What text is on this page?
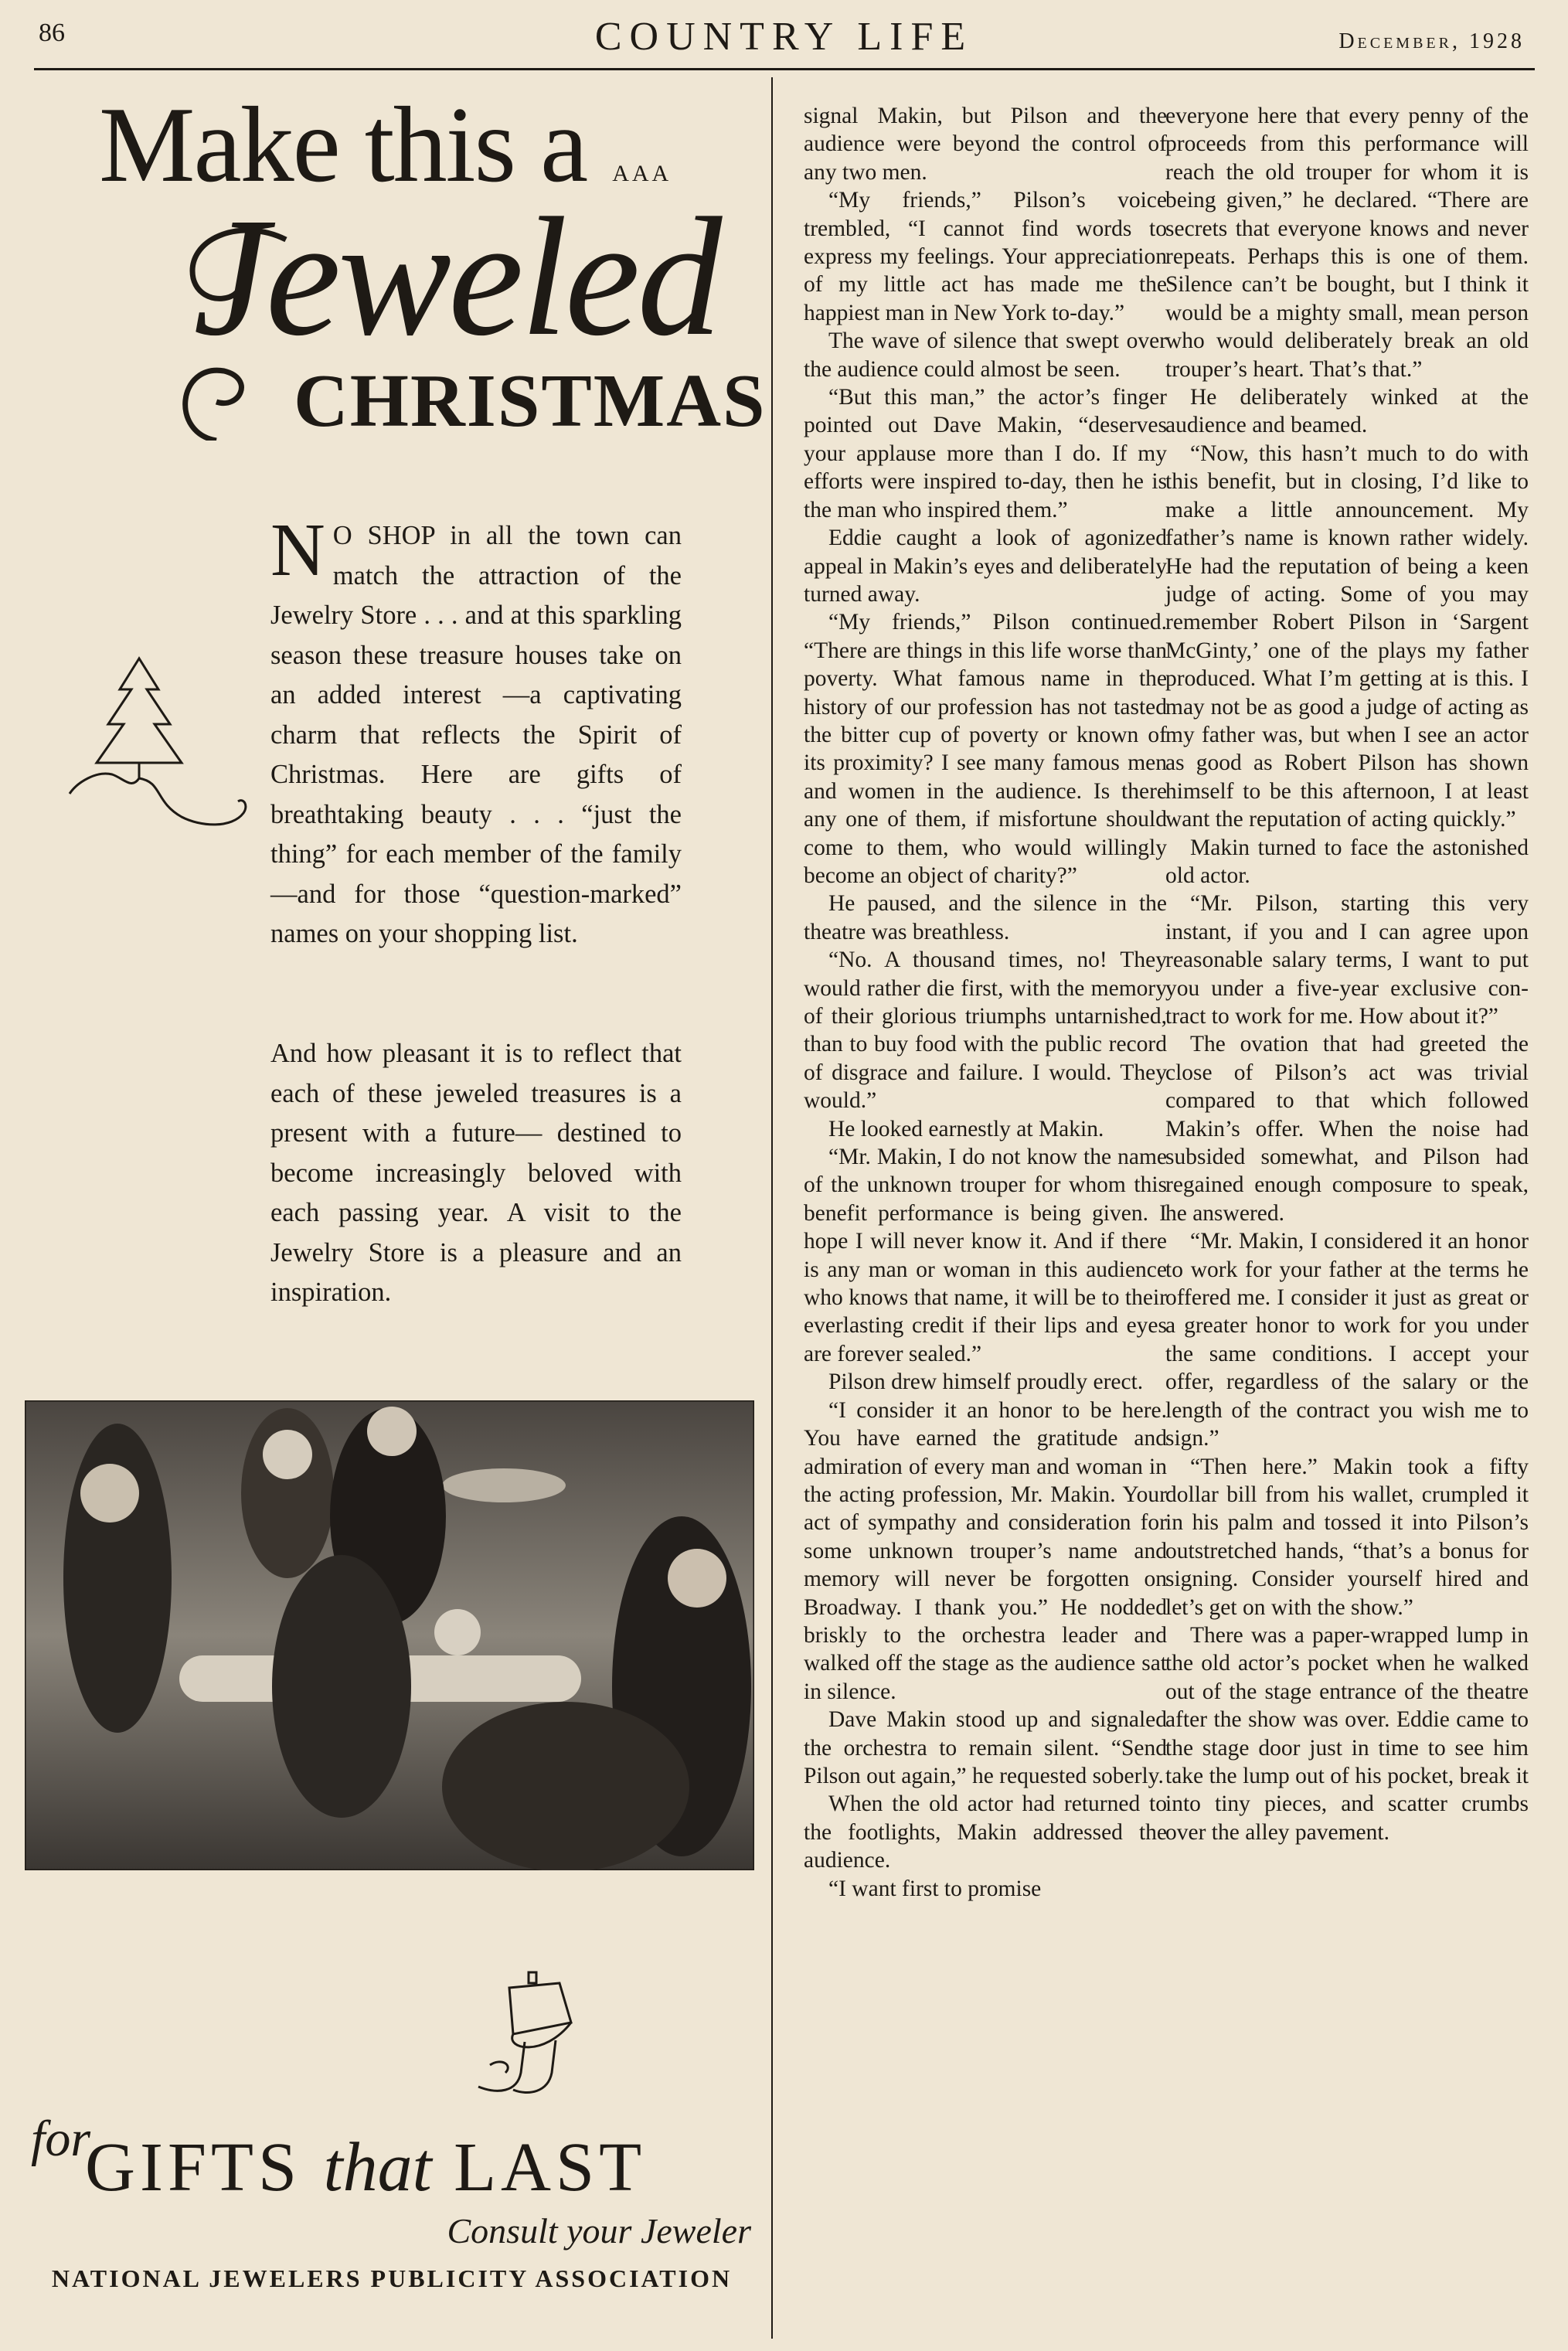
86	COUNTRY LIFE	December, 1928
Make this a AAA
Jeweled
CHRISTMAS
N O SHOP in all the town can match the attraction of the Jewelry Store . . . and at this sparkling season these treasure houses take on an added interest —a captivating charm that reflects the Spirit of Christmas. Here are gifts of breathtaking beauty . . . “just the thing” for each member of the family—and for those “question-marked” names on your shopping list.
And how pleasant it is to reflect that each of these jeweled treasures is a present with a future— destined to become increasingly beloved with each passing year. A visit to the Jewelry Store is a pleasure and an inspiration.
for
GIFTS that LAST
Consult your Jeweler
NATIONAL JEWELERS PUBLICITY ASSOCIATION

signal Makin, but Pilson and the audience were beyond the control of any two men.

“My friends,” Pilson’s voice trembled, “I cannot find words to express my feelings. Your appreciation of my little act has made me the happiest man in New York to-day.”

The wave of silence that swept over the audience could almost be seen.

“But this man,” the actor’s finger pointed out Dave Makin, “deserves your applause more than I do. If my efforts were inspired to-day, then he is the man who inspired them.”

Eddie caught a look of agonized appeal in Makin’s eyes and deliberately turned away.

“My friends,” Pilson continued. “There are things in this life worse than poverty. What famous name in the history of our profession has not tasted the bitter cup of poverty or known of its proximity? I see many famous men and women in the audience. Is there any one of them, if misfortune should come to them, who would willingly become an object of charity?”

He paused, and the silence in the theatre was breathless.

“No. A thousand times, no! They would rather die first, with the memory of their glorious triumphs untarnished, than to buy food with the public record of disgrace and failure. I would. They would.”

He looked earnestly at Makin.

“Mr. Makin, I do not know the name of the unknown trouper for whom this benefit performance is being given. I hope I will never know it. And if there is any man or woman in this audience who knows that name, it will be to their everlasting credit if their lips and eyes are forever sealed.”

Pilson drew himself proudly erect.

“I consider it an honor to be here. You have earned the gratitude and admiration of every man and woman in the acting profession, Mr. Makin. Your act of sympathy and consideration for some unknown trouper’s name and memory will never be forgotten on Broadway. I thank you.” He nodded briskly to the orchestra leader and walked off the stage as the audience sat in silence.

Dave Makin stood up and signaled the orchestra to remain silent. “Send Pilson out again,” he requested soberly.

When the old actor had returned to the footlights, Makin addressed the audience.

“I want first to promise

everyone here that every penny of the proceeds from this performance will reach the old trouper for whom it is being given,” he declared. “There are secrets that everyone knows and never repeats. Perhaps this is one of them. Silence can’t be bought, but I think it would be a mighty small, mean person who would deliberately break an old trouper’s heart. That’s that.”

He deliberately winked at the audience and beamed.

“Now, this hasn’t much to do with this benefit, but in closing, I’d like to make a little announcement. My father’s name is known rather widely. He had the reputation of being a keen judge of acting. Some of you may remember Robert Pilson in ‘Sargent McGinty,’ one of the plays my father produced. What I’m getting at is this. I may not be as good a judge of acting as my father was, but when I see an actor as good as Robert Pilson has shown himself to be this afternoon, I at least want the reputation of acting quickly.”

Makin turned to face the astonished old actor.

“Mr. Pilson, starting this very instant, if you and I can agree upon reasonable salary terms, I want to put you under a five-year exclusive contract to work for me. How about it?”

The ovation that had greeted the close of Pilson’s act was trivial compared to that which followed Makin’s offer. When the noise had subsided somewhat, and Pilson had regained enough composure to speak, he answered.

“Mr. Makin, I considered it an honor to work for your father at the terms he offered me. I consider it just as great or a greater honor to work for you under the same conditions. I accept your offer, regardless of the salary or the length of the contract you wish me to sign.”

“Then here.” Makin took a fifty dollar bill from his wallet, crumpled it in his palm and tossed it into Pilson’s outstretched hands, “that’s a bonus for signing. Consider yourself hired and let’s get on with the show.”

There was a paper-wrapped lump in the old actor’s pocket when he walked out of the stage entrance of the theatre after the show was over. Eddie came to the stage door just in time to see him take the lump out of his pocket, break it into tiny pieces, and scatter crumbs over the alley pavement.
